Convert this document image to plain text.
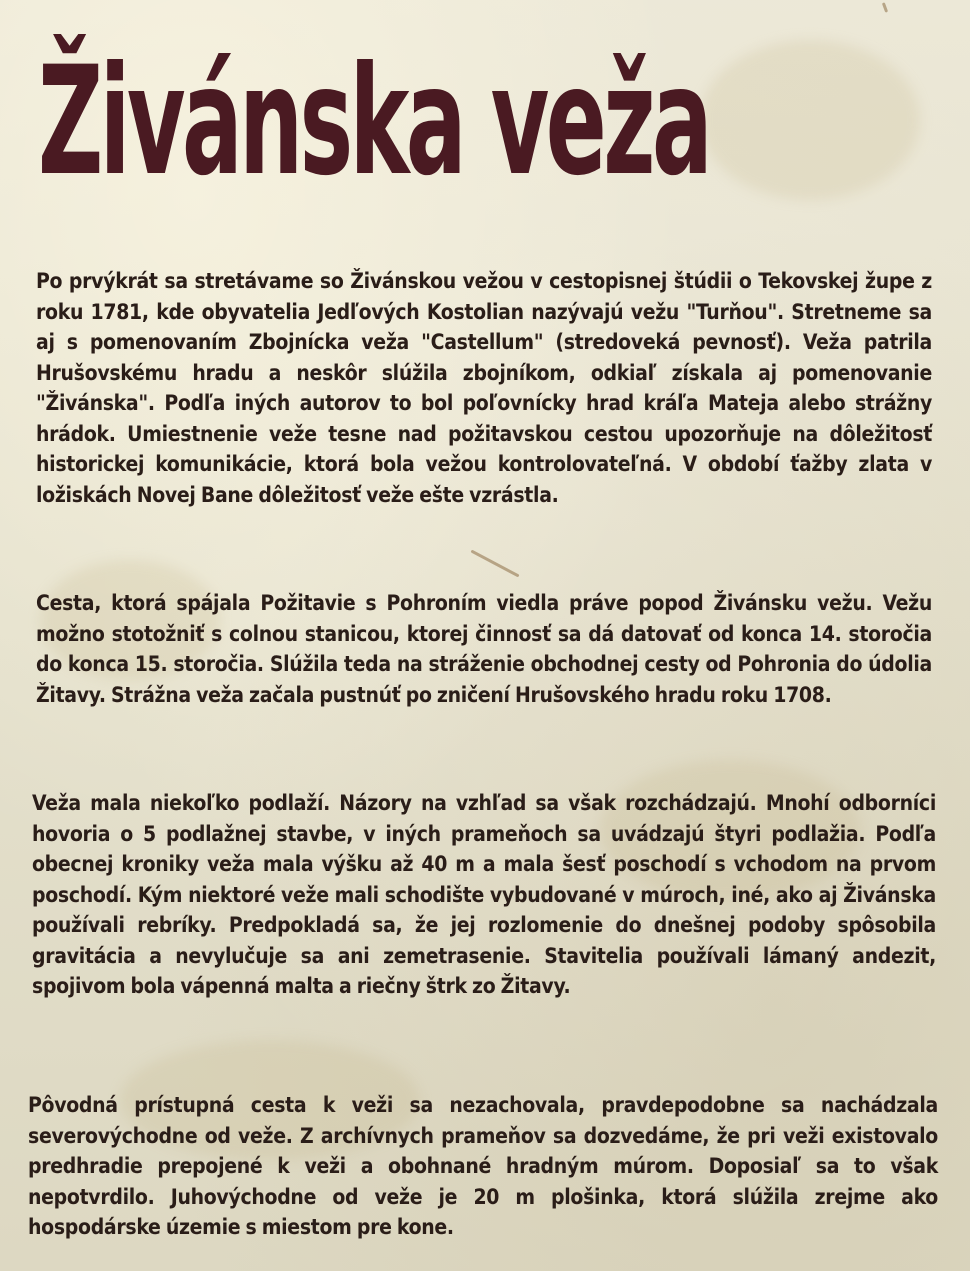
Živánska veža

Po prvýkrát sa stretávame so Živánskou vežou v cestopisnej štúdii o Tekovskej župe z roku 1781, kde obyvatelia Jedľových Kostolian nazývajú vežu "Turňou". Stretneme sa aj s pomenovaním Zbojnícka veža "Castellum" (stredoveká pevnosť). Veža patrila Hrušovskému hradu a neskôr slúžila zbojníkom, odkiaľ získala aj pomenovanie "Živánska". Podľa iných autorov to bol poľovnícky hrad kráľa Mateja alebo strážny hrádok. Umiestnenie veže tesne nad požitavskou cestou upozorňuje na dôležitosť historickej komunikácie, ktorá bola vežou kontrolovateľná. V období ťažby zlata v ložiskách Novej Bane dôležitosť veže ešte vzrástla.

Cesta, ktorá spájala Požitavie s Pohroním viedla práve popod Živánsku vežu. Vežu možno stotožniť s colnou stanicou, ktorej činnosť sa dá datovať od konca 14. storočia do konca 15. storočia. Slúžila teda na stráženie obchodnej cesty od Pohronia do údolia Žitavy. Strážna veža začala pustnúť po zničení Hrušovského hradu roku 1708.

Veža mala niekoľko podlaží. Názory na vzhľad sa však rozchádzajú. Mnohí odborníci hovoria o 5 podlažnej stavbe, v iných prameňoch sa uvádzajú štyri podlažia. Podľa obecnej kroniky veža mala výšku až 40 m a mala šesť poschodí s vchodom na prvom poschodí. Kým niektoré veže mali schodište vybudované v múroch, iné, ako aj Živánska používali rebríky. Predpokladá sa, že jej rozlomenie do dnešnej podoby spôsobila gravitácia a nevylučuje sa ani zemetrasenie. Stavitelia používali lámaný andezit, spojivom bola vápenná malta a riečny štrk zo Žitavy.

Pôvodná prístupná cesta k veži sa nezachovala, pravdepodobne sa nachádzala severovýchodne od veže. Z archívnych prameňov sa dozvedáme, že pri veži existovalo predhradie prepojené k veži a obohnané hradným múrom. Doposiaľ sa to však nepotvrdilo. Juhovýchodne od veže je 20 m plošinka, ktorá slúžila zrejme ako hospodárske územie s miestom pre kone.
